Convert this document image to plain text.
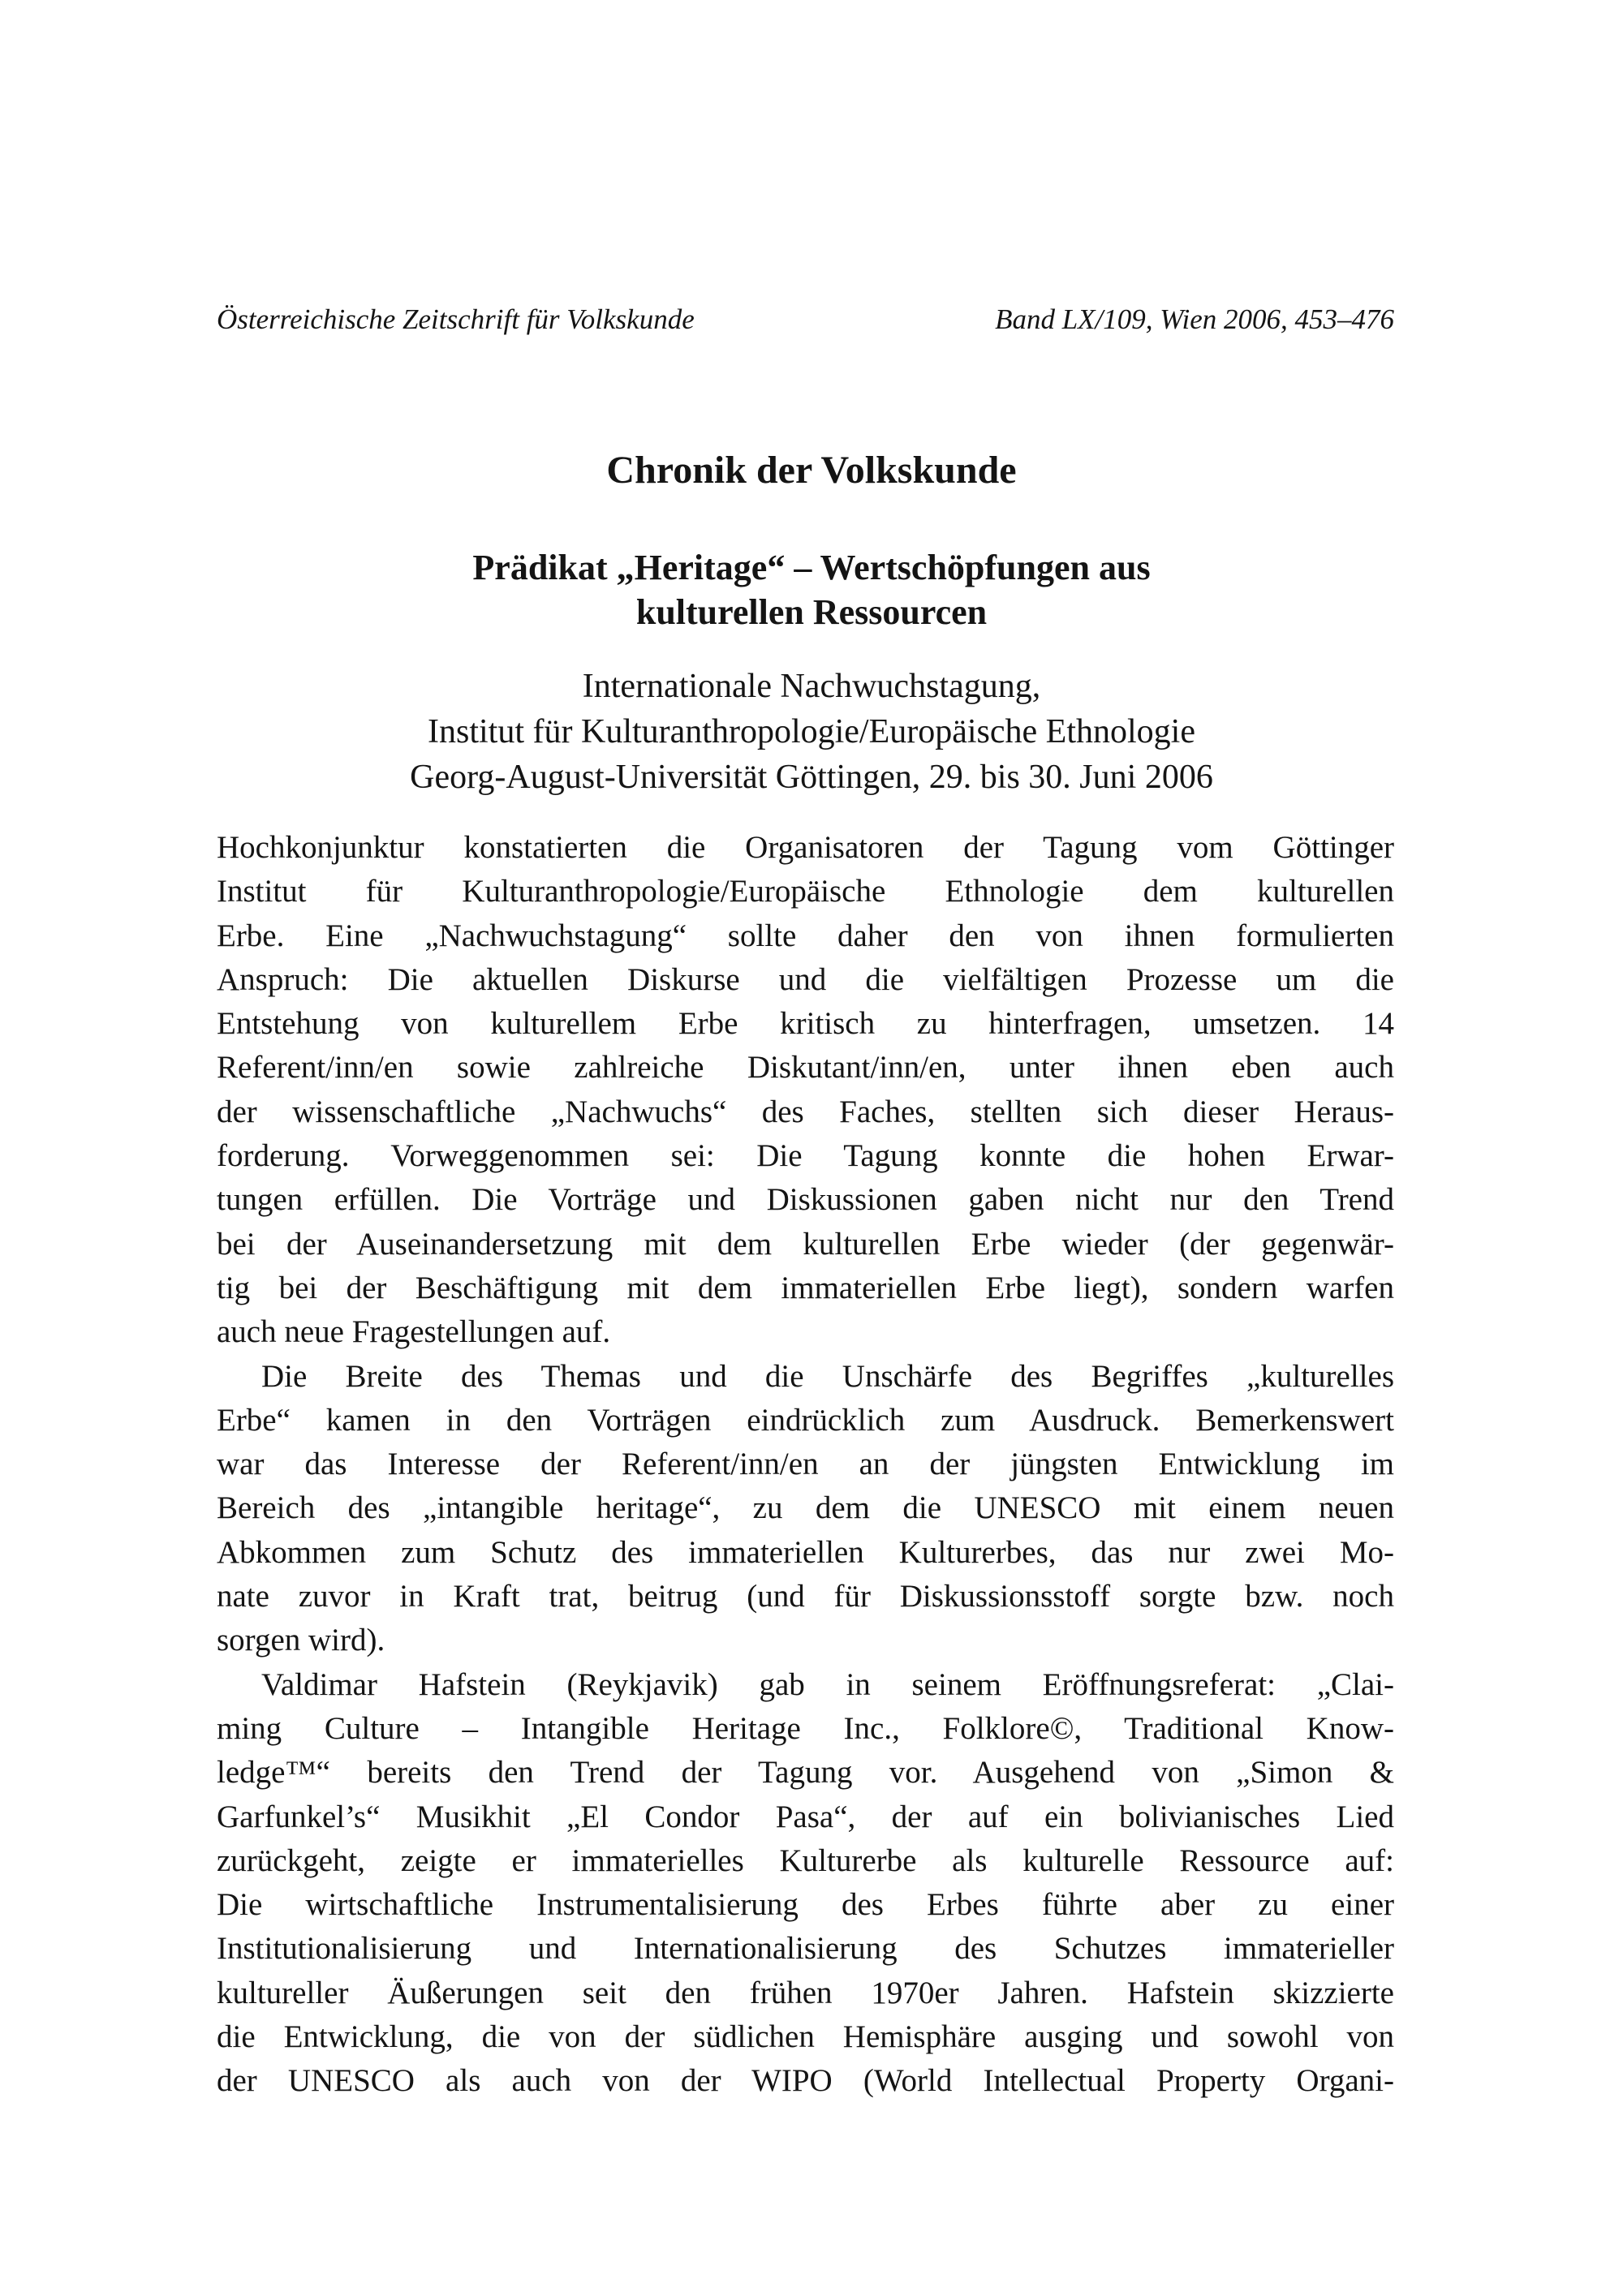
Österreichische Zeitschrift für Volkskunde	Band LX/109, Wien 2006, 453–476
Chronik der Volkskunde
Prädikat „Heritage“ – Wertschöpfungen aus
kulturellen Ressourcen
Internationale Nachwuchstagung,
Institut für Kulturanthropologie/Europäische Ethnologie
Georg-August-Universität Göttingen, 29. bis 30. Juni 2006
Hochkonjunktur konstatierten die Organisatoren der Tagung vom Göttinger
Institut für Kulturanthropologie/Europäische Ethnologie dem kulturellen
Erbe. Eine „Nachwuchstagung“ sollte daher den von ihnen formulierten
Anspruch: Die aktuellen Diskurse und die vielfältigen Prozesse um die
Entstehung von kulturellem Erbe kritisch zu hinterfragen, umsetzen. 14
Referent/inn/en sowie zahlreiche Diskutant/inn/en, unter ihnen eben auch
der wissenschaftliche „Nachwuchs“ des Faches, stellten sich dieser Heraus-
forderung. Vorweggenommen sei: Die Tagung konnte die hohen Erwar-
tungen erfüllen. Die Vorträge und Diskussionen gaben nicht nur den Trend
bei der Auseinandersetzung mit dem kulturellen Erbe wieder (der gegenwär-
tig bei der Beschäftigung mit dem immateriellen Erbe liegt), sondern warfen
auch neue Fragestellungen auf.
Die Breite des Themas und die Unschärfe des Begriffes „kulturelles
Erbe“ kamen in den Vorträgen eindrücklich zum Ausdruck. Bemerkenswert
war das Interesse der Referent/inn/en an der jüngsten Entwicklung im
Bereich des „intangible heritage“, zu dem die UNESCO mit einem neuen
Abkommen zum Schutz des immateriellen Kulturerbes, das nur zwei Mo-
nate zuvor in Kraft trat, beitrug (und für Diskussionsstoff sorgte bzw. noch
sorgen wird).
Valdimar Hafstein (Reykjavik) gab in seinem Eröffnungsreferat: „Clai-
ming Culture – Intangible Heritage Inc., Folklore©, Traditional Know-
ledge™“ bereits den Trend der Tagung vor. Ausgehend von „Simon &
Garfunkel’s“ Musikhit „El Condor Pasa“, der auf ein bolivianisches Lied
zurückgeht, zeigte er immaterielles Kulturerbe als kulturelle Ressource auf:
Die wirtschaftliche Instrumentalisierung des Erbes führte aber zu einer
Institutionalisierung und Internationalisierung des Schutzes immaterieller
kultureller Äußerungen seit den frühen 1970er Jahren. Hafstein skizzierte
die Entwicklung, die von der südlichen Hemisphäre ausging und sowohl von
der UNESCO als auch von der WIPO (World Intellectual Property Organi-
